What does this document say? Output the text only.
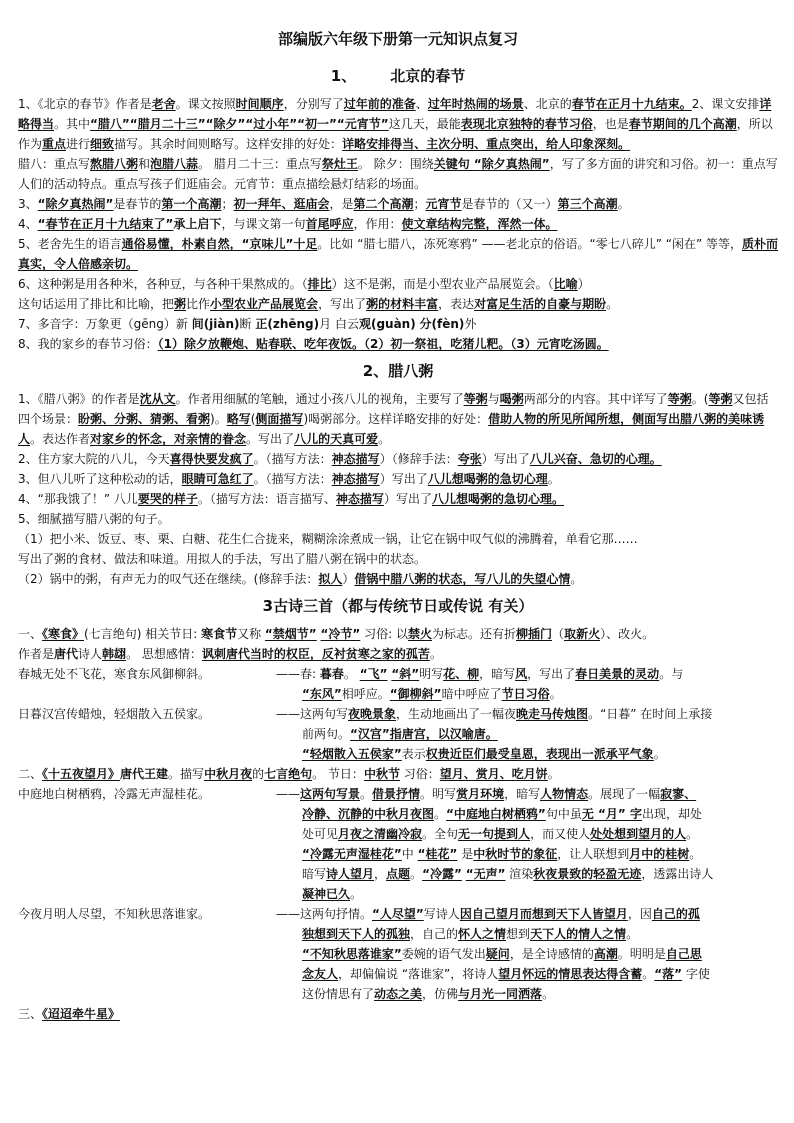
部编版六年级下册第一元知识点复习
1、 北京的春节

1、《北京的春节》作者是老舍。课文按照时间顺序，分别写了过年前的准备、过年时热闹的场景、北京的春节在正月十九结束。2、课文安排详略得当。其中“腊八”“腊月二十三”“除夕”“过小年”“初一”“元宵节”这几天，最能表现北京独特的春节习俗，也是春节期间的几个高潮，所以作为重点进行细致描写。其余时间则略写。这样安排的好处：详略安排得当、主次分明、重点突出，给人印象深刻。

腊八：重点写熬腊八粥和泡腊八蒜。 腊月二十三：重点写祭灶王。 除夕：围绕关键句 “除夕真热闹”，写了多方面的讲究和习俗。初一：重点写人们的活动特点。重点写孩子们逛庙会。元宵节：重点描绘悬灯结彩的场面。

3、“除夕真热闹”是春节的第一个高潮；初一拜年、逛庙会，是第二个高潮；元宵节是春节的（又一）第三个高潮。

4、“春节在正月十九结束了”承上启下，与课文第一句首尾呼应，作用：使文章结构完整，浑然一体。

5、老舍先生的语言通俗易懂，朴素自然，“京味儿”十足。比如 “腊七腊八，冻死寒鸦” ——老北京的俗语。“零七八碎儿” “闲在” 等等，质朴而真实，令人倍感亲切。

6、这种粥是用各种米，各种豆，与各种干果熬成的。（排比）这不是粥，而是小型农业产品展览会。（比喻）

这句话运用了排比和比喻，把粥比作小型农业产品展览会，写出了粥的材料丰富，表达对富足生活的自豪与期盼。

7、多音字：万象更（gēng）新 间(jiàn)断 正(zhēng)月 白云观(guàn) 分(fèn)外

8、我的家乡的春节习俗：（1）除夕放鞭炮、贴春联、吃年夜饭。（2）初一祭祖，吃猪儿粑。（3）元宵吃汤圆。

2、腊八粥

1、《腊八粥》的作者是沈从文。作者用细腻的笔触，通过小孩八儿的视角，主要写了等粥与喝粥两部分的内容。其中详写了等粥。(等粥又包括四个场景：盼粥、分粥、猜粥、看粥)。略写(侧面描写)喝粥部分。这样详略安排的好处：借助人物的所见所闻所想，侧面写出腊八粥的美味诱人。表达作者对家乡的怀念，对亲情的眷念。写出了八儿的天真可爱。

2、住方家大院的八儿，今天喜得快要发疯了。（描写方法：神态描写）（修辞手法：夸张）写出了八儿兴奋、急切的心理。

3、但八儿听了这种松动的话，眼睛可急红了。（描写方法：神态描写）写出了八儿想喝粥的急切心理。

4、“那我饿了！” 八儿要哭的样子。（描写方法：语言描写、神态描写）写出了八儿想喝粥的急切心理。

5、细腻描写腊八粥的句子。

（1）把小米、饭豆、枣、栗、白糖、花生仁合拢来，糊糊涂涂煮成一锅，让它在锅中叹气似的沸腾着，单看它那……

写出了粥的食材、做法和味道。用拟人的手法，写出了腊八粥在锅中的状态。

（2）锅中的粥，有声无力的叹气还在继续。(修辞手法：拟人）借锅中腊八粥的状态，写八儿的失望心情。

3古诗三首（都与传统节日或传说 有关）

一、《寒食》(七言绝句) 相关节日: 寒食节又称 “禁烟节” “冷节” 习俗: 以禁火为标志。还有折柳插门（取新火）、改火。

作者是唐代诗人韩翃。 思想感情：讽刺唐代当时的权臣，反衬贫寒之家的孤苦。

春城无处不飞花，寒食东风御柳斜。	——春: 暮春。 “飞” “斜”明写花、柳，暗写风，写出了春日美景的灵动。与
“东风”相呼应。“御柳斜”暗中呼应了节日习俗。
日暮汉宫传蜡烛，轻烟散入五侯家。	——这两句写夜晚景象，生动地画出了一幅夜晚走马传烛图。“日暮” 在时间上承接
前两句。“汉宫”指唐宫，以汉喻唐。
“轻烟散入五侯家”表示权贵近臣们最受皇恩，表现出一派承平气象。

二、《十五夜望月》唐代王建。描写中秋月夜的七言绝句。 节日：中秋节 习俗：望月、赏月、吃月饼。

中庭地白树栖鸦，冷露无声湿桂花。	——这两句写景。借景抒情。明写赏月环境，暗写人物情态。展现了一幅寂寥、
冷静、沉静的中秋月夜图。“中庭地白树栖鸦”句中虽无 “月” 字出现，却处
处可见月夜之清幽冷寂。全句无一句提到人，而又使人处处想到望月的人。
“冷露无声湿桂花”中 “桂花” 是中秋时节的象征，让人联想到月中的桂树。
暗写诗人望月，点题。“冷露” “无声” 渲染秋夜景致的轻盈无迹，透露出诗人
凝神已久。
今夜月明人尽望，不知秋思落谁家。	——这两句抒情。“人尽望”写诗人因自己望月而想到天下人皆望月，因自己的孤
独想到天下人的孤独，自己的怀人之情想到天下人的情人之情。
“不知秋思落谁家”委婉的语气发出疑问，是全诗感情的高潮。明明是自己思
念友人，却偏偏说 “落谁家”，将诗人望月怀远的情思表达得含蓄。“落” 字使
这份情思有了动态之美，仿佛与月光一同洒落。

三、《迢迢牵牛星》
